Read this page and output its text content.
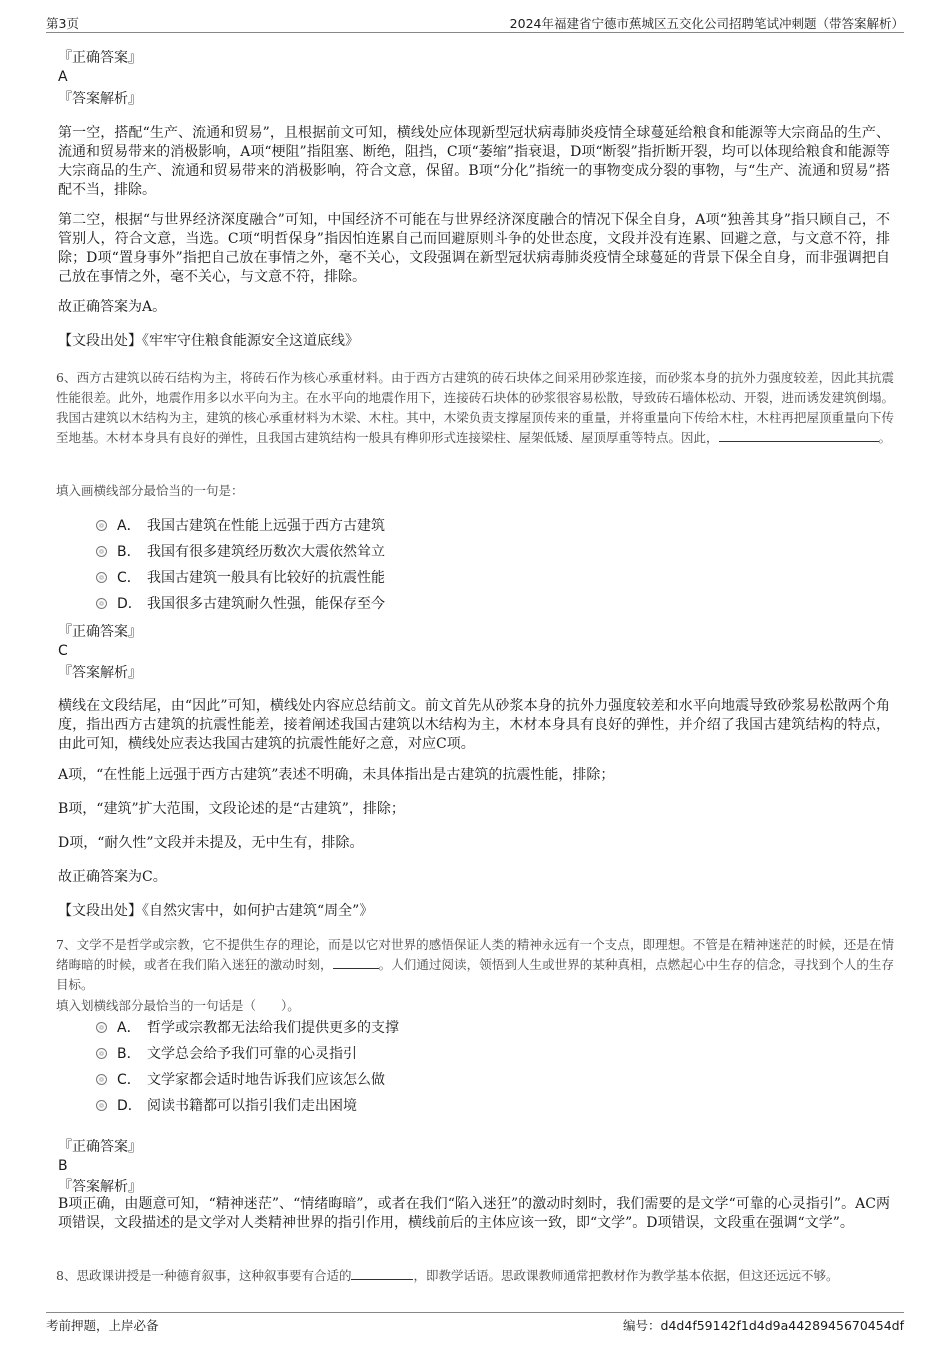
第3页	2024年福建省宁德市蕉城区五交化公司招聘笔试冲刺题（带答案解析）
『正确答案』
A
『答案解析』
第一空，搭配“生产、流通和贸易”，且根据前文可知，横线处应体现新型冠状病毒肺炎疫情全球蔓延给粮食和能源等大宗商品的生产、流通和贸易带来的消极影响，A项“梗阻”指阻塞、断绝，阻挡，C项“萎缩”指衰退，D项“断裂”指折断开裂，均可以体现给粮食和能源等大宗商品的生产、流通和贸易带来的消极影响，符合文意，保留。B项“分化”指统一的事物变成分裂的事物，与“生产、流通和贸易”搭配不当，排除。
第二空，根据“与世界经济深度融合”可知，中国经济不可能在与世界经济深度融合的情况下保全自身，A项“独善其身”指只顾自己，不管别人，符合文意，当选。C项“明哲保身”指因怕连累自己而回避原则斗争的处世态度，文段并没有连累、回避之意，与文意不符，排除；D项“置身事外”指把自己放在事情之外，毫不关心，文段强调在新型冠状病毒肺炎疫情全球蔓延的背景下保全自身，而非强调把自己放在事情之外，毫不关心，与文意不符，排除。
故正确答案为A。
【文段出处】《牢牢守住粮食能源安全这道底线》
6、西方古建筑以砖石结构为主，将砖石作为核心承重材料。由于西方古建筑的砖石块体之间采用砂浆连接，而砂浆本身的抗外力强度较差，因此其抗震性能很差。此外，地震作用多以水平向为主。在水平向的地震作用下，连接砖石块体的砂浆很容易松散，导致砖石墙体松动、开裂，进而诱发建筑倒塌。我国古建筑以木结构为主，建筑的核心承重材料为木梁、木柱。其中，木梁负责支撑屋顶传来的重量，并将重量向下传给木柱，木柱再把屋顶重量向下传至地基。木材本身具有良好的弹性，且我国古建筑结构一般具有榫卯形式连接梁柱、屋架低矮、屋顶厚重等特点。因此，	。
填入画横线部分最恰当的一句是：
A． 我国古建筑在性能上远强于西方古建筑
B． 我国有很多建筑经历数次大震依然耸立
C． 我国古建筑一般具有比较好的抗震性能
D． 我国很多古建筑耐久性强，能保存至今
『正确答案』
C
『答案解析』
横线在文段结尾，由“因此”可知，横线处内容应总结前文。前文首先从砂浆本身的抗外力强度较差和水平向地震导致砂浆易松散两个角度，指出西方古建筑的抗震性能差，接着阐述我国古建筑以木结构为主，木材本身具有良好的弹性，并介绍了我国古建筑结构的特点，由此可知，横线处应表达我国古建筑的抗震性能好之意，对应C项。
A项，“在性能上远强于西方古建筑”表述不明确，未具体指出是古建筑的抗震性能，排除；
B项，“建筑”扩大范围，文段论述的是“古建筑”，排除；
D项，“耐久性”文段并未提及，无中生有，排除。
故正确答案为C。
【文段出处】《自然灾害中，如何护古建筑“周全”》
7、文学不是哲学或宗教，它不提供生存的理论，而是以它对世界的感悟保证人类的精神永远有一个支点，即理想。不管是在精神迷茫的时候，还是在情绪晦暗的时候，或者在我们陷入迷狂的激动时刻，	。人们通过阅读，领悟到人生或世界的某种真相，点燃起心中生存的信念，寻找到个人的生存目标。
填入划横线部分最恰当的一句话是（　　）。
A． 哲学或宗教都无法给我们提供更多的支撑
B． 文学总会给予我们可靠的心灵指引
C． 文学家都会适时地告诉我们应该怎么做
D． 阅读书籍都可以指引我们走出困境
『正确答案』
B
『答案解析』
B项正确，由题意可知，“精神迷茫”、“情绪晦暗”，或者在我们“陷入迷狂”的激动时刻时，我们需要的是文学“可靠的心灵指引”。AC两项错误，文段描述的是文学对人类精神世界的指引作用，横线前后的主体应该一致，即“文学”。D项错误，文段重在强调“文学”。
8、思政课讲授是一种德育叙事，这种叙事要有合适的	，即教学话语。思政课教师通常把教材作为教学基本依据，但这还远远不够。
考前押题，上岸必备	编号：d4d4f59142f1d4d9a4428945670454df
